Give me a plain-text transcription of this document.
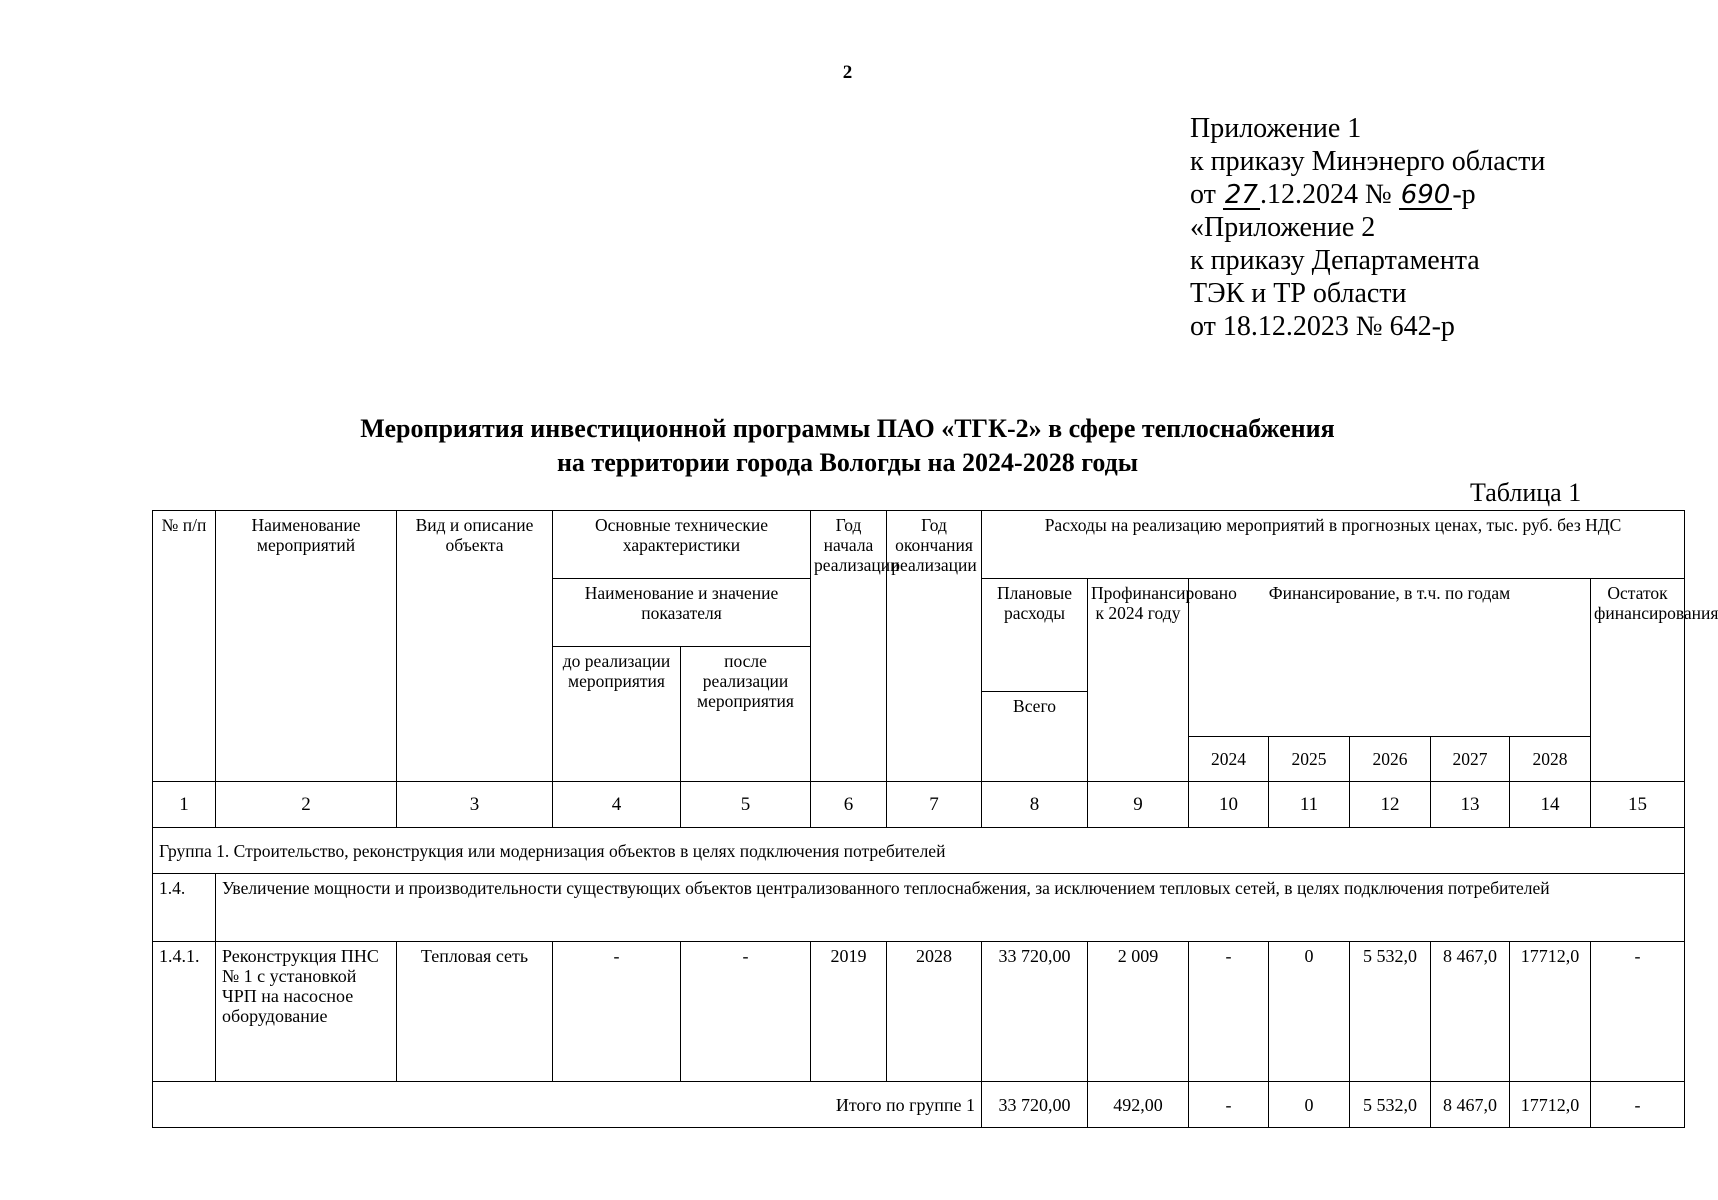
2
Приложение 1
к приказу Минэнерго области
от 27.12.2024 № 690-р
«Приложение 2
к приказу Департамента
ТЭК и ТР области
от 18.12.2023 № 642-р
Мероприятия инвестиционной программы ПАО «ТГК-2» в сфере теплоснабжения
на территории города Вологды на 2024-2028 годы
Таблица 1
№ п/п	Наименование мероприятий	Вид и описание объекта	Основные технические характеристики		Год начала реализации	Год окончания реализации	Расходы на реализацию мероприятий в прогнозных ценах, тыс. руб. без НДС							
			Наименование и значение показателя				Плановые расходы	Профинансировано к 2024 году	Финансирование, в т.ч. по годам					Остаток финансирования
			до реализации мероприятия	после реализации мероприятия										
							Всего							
									2024	2025	2026	2027	2028	
1	2	3	4	5	6	7	8	9	10	11	12	13	14	15
Группа 1. Строительство, реконструкция или модернизация объектов в целях подключения потребителей														
1.4.	Увеличение мощности и производительности существующих объектов централизованного теплоснабжения, за исключением тепловых сетей, в целях подключения потребителей													
1.4.1.	Реконструкция ПНС № 1 с установкой ЧРП на насосное оборудование	Тепловая сеть	-	-	2019	2028	33 720,00	2 009	-	0	5 532,0	8 467,0	17712,0	-
Итого по группе 1							33 720,00	492,00	-	0	5 532,0	8 467,0	17712,0	-
